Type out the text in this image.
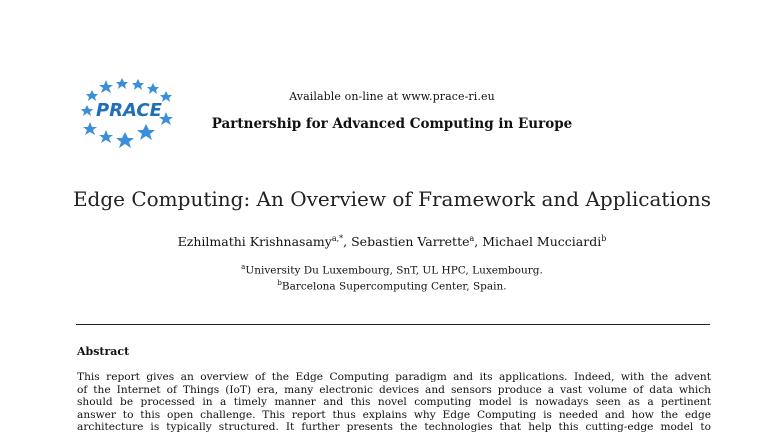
PRACE
Available on-line at www.prace-ri.eu
Partnership for Advanced Computing in Europe
Edge Computing: An Overview of Framework and Applications
Ezhilmathi Krishnasamy$^{a,*}$, Sebastien Varrette$^a$, Michael Mucciardi$^b$
$^a$University Du Luxembourg, SnT, UL HPC, Luxembourg.
$^b$Barcelona Supercomputing Center, Spain.
Abstract
This report gives an overview of the Edge Computing paradigm and its applications. Indeed, with the advent
of the Internet of Things (IoT) era, many electronic devices and sensors produce a vast volume of data which
should be processed in a timely manner and this novel computing model is nowadays seen as a pertinent
answer to this open challenge. This report thus explains why Edge Computing is needed and how the edge
architecture is typically structured. It further presents the technologies that help this cutting-edge model to
